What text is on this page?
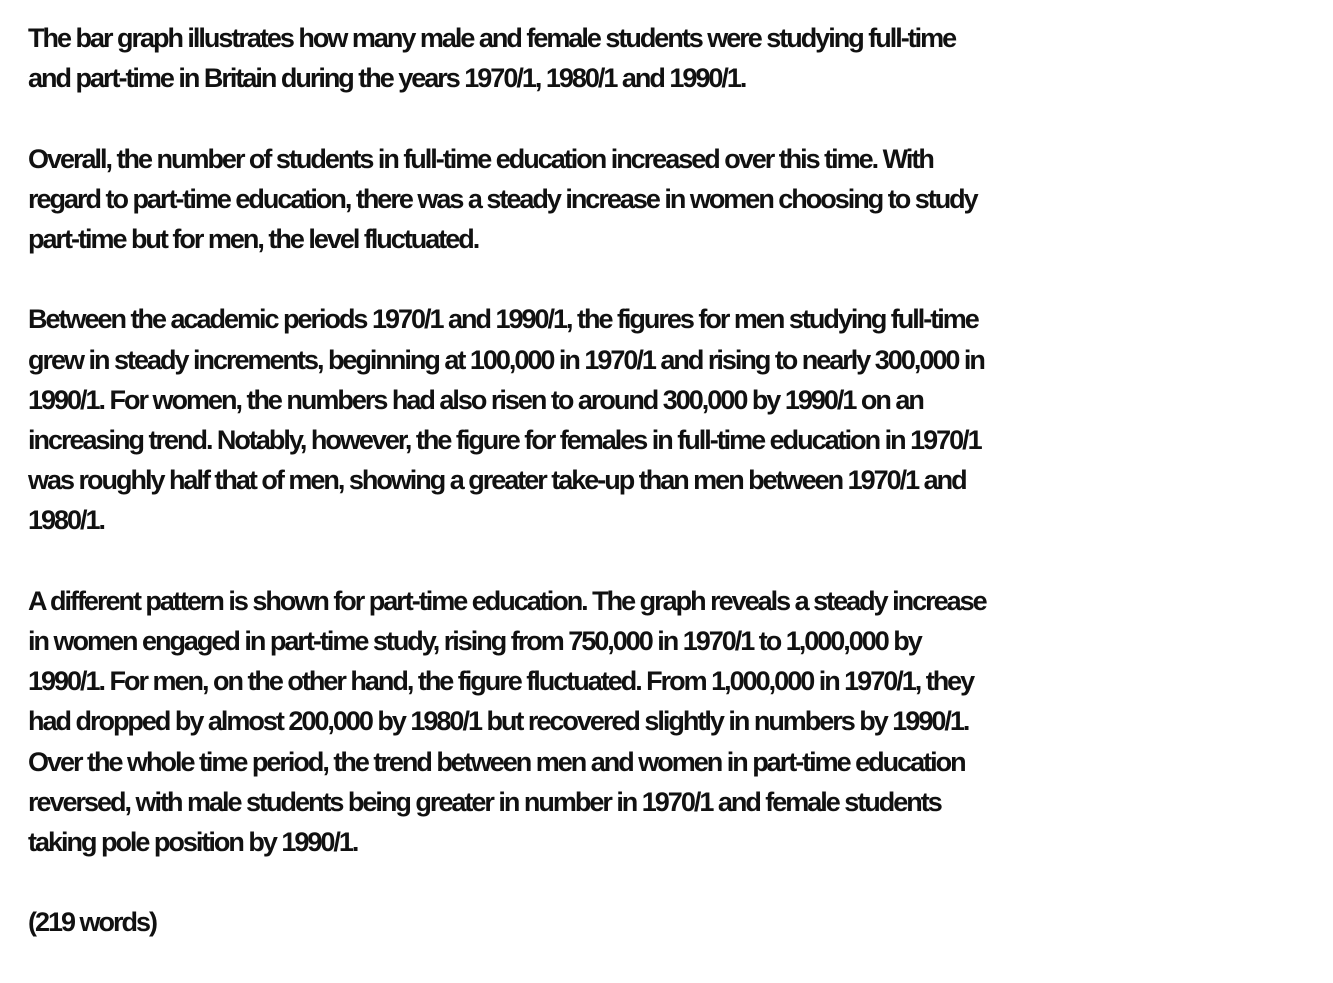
The bar graph illustrates how many male and female students were studying full-time
and part-time in Britain during the years 1970/1, 1980/1 and 1990/1.

Overall, the number of students in full-time education increased over this time. With
regard to part-time education, there was a steady increase in women choosing to study
part-time but for men, the level fluctuated.

Between the academic periods 1970/1 and 1990/1, the figures for men studying full-time
grew in steady increments, beginning at 100,000 in 1970/1 and rising to nearly 300,000 in
1990/1. For women, the numbers had also risen to around 300,000 by 1990/1 on an
increasing trend. Notably, however, the figure for females in full-time education in 1970/1
was roughly half that of men, showing a greater take-up than men between 1970/1 and
1980/1.

A different pattern is shown for part-time education. The graph reveals a steady increase
in women engaged in part-time study, rising from 750,000 in 1970/1 to 1,000,000 by
1990/1. For men, on the other hand, the figure fluctuated. From 1,000,000 in 1970/1, they
had dropped by almost 200,000 by 1980/1 but recovered slightly in numbers by 1990/1.
Over the whole time period, the trend between men and women in part-time education
reversed, with male students being greater in number in 1970/1 and female students
taking pole position by 1990/1.

(219 words)
